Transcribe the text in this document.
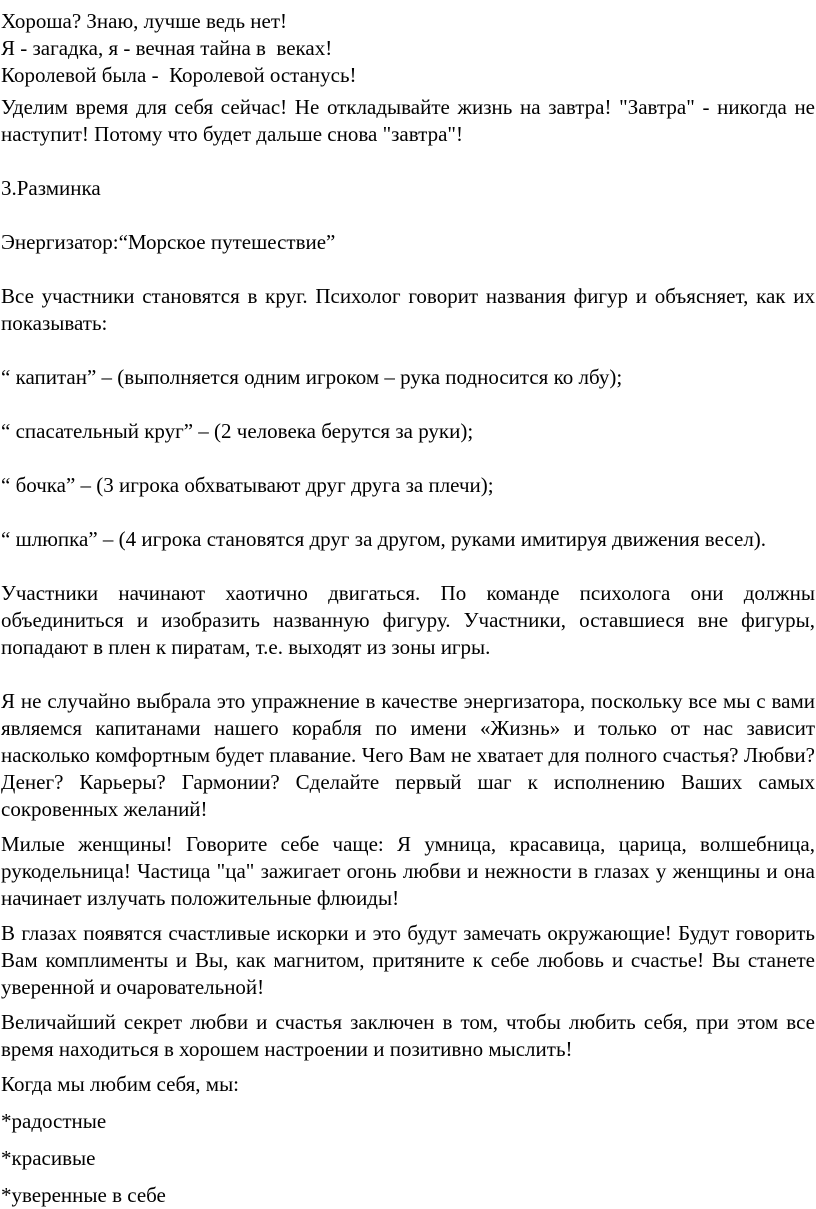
Хороша? Знаю, лучше ведь нет!
Я - загадка, я - вечная тайна в  веках!
Королевой была -  Королевой останусь!

Уделим время для себя сейчас! Не откладывайте жизнь на завтра! "Завтра" - никогда не наступит! Потому что будет дальше снова "завтра"!

3.Разминка

Энергизатор:“Морское путешествие”

Все участники становятся в круг. Психолог говорит названия фигур и объясняет, как их показывать:

“ капитан” – (выполняется одним игроком – рука подносится ко лбу);

“ спасательный круг” – (2 человека берутся за руки);

“ бочка” – (3 игрока обхватывают друг друга за плечи);

“ шлюпка” – (4 игрока становятся друг за другом, руками имитируя движения весел).

Участники начинают хаотично двигаться. По команде психолога они должны объединиться и изобразить названную фигуру. Участники, оставшиеся вне фигуры, попадают в плен к пиратам, т.е. выходят из зоны игры.

Я не случайно выбрала это упражнение в качестве энергизатора, поскольку все мы с вами являемся капитанами нашего корабля по имени «Жизнь» и только от нас зависит насколько комфортным будет плавание. Чего Вам не хватает для полного счастья? Любви? Денег? Карьеры? Гармонии? Сделайте первый шаг к исполнению Ваших самых сокровенных желаний!

Милые женщины! Говорите себе чаще: Я умница, красавица, царица, волшебница, рукодельница! Частица "ца" зажигает огонь любви и нежности в глазах у женщины и она начинает излучать положительные флюиды!

В глазах появятся счастливые искорки и это будут замечать окружающие! Будут говорить Вам комплименты и Вы, как магнитом, притяните к себе любовь и счастье! Вы станете уверенной и очаровательной!

Величайший секрет любви и счастья заключен в том, чтобы любить себя, при этом все время находиться в хорошем настроении и позитивно мыслить!

Когда мы любим себя, мы:

*радостные

*красивые

*уверенные в себе
